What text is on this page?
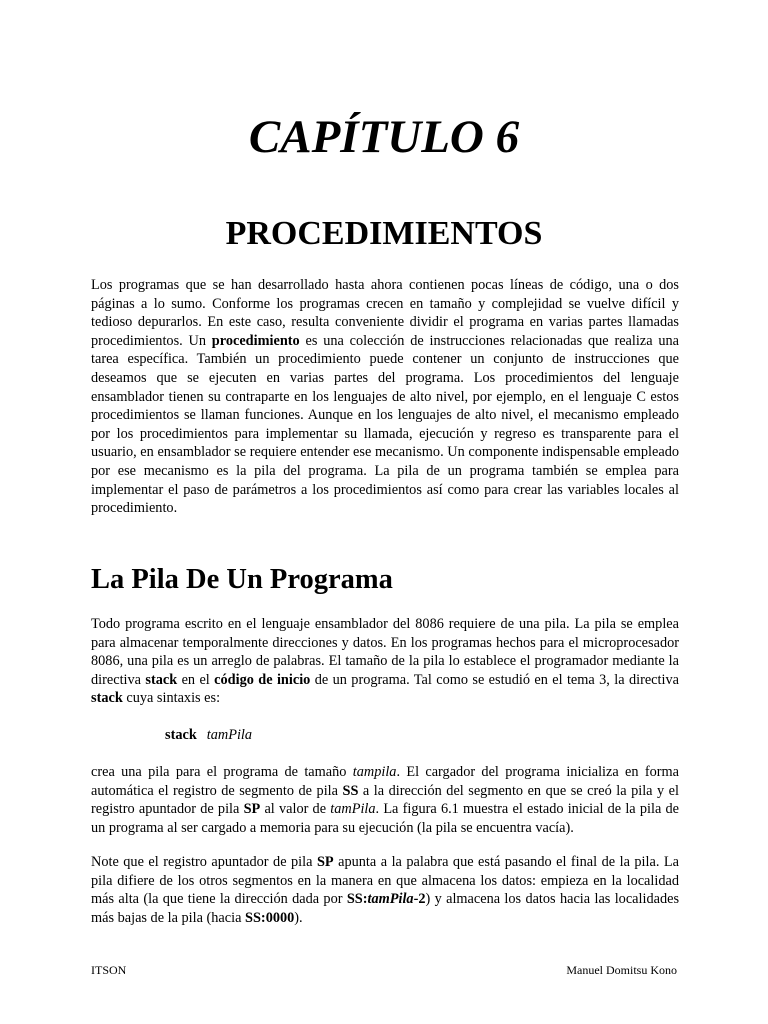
CAPÍTULO 6
PROCEDIMIENTOS

Los programas que se han desarrollado hasta ahora contienen pocas líneas de código, una o dos páginas a lo sumo. Conforme los programas crecen en tamaño y complejidad se vuelve difícil y tedioso depurarlos. En este caso, resulta conveniente dividir el programa en varias partes llamadas procedimientos. Un procedimiento es una colección de instrucciones relacionadas que realiza una tarea específica. También un procedimiento puede contener un conjunto de instrucciones que deseamos que se ejecuten en varias partes del programa. Los procedimientos del lenguaje ensamblador tienen su contraparte en los lenguajes de alto nivel, por ejemplo, en el lenguaje C estos procedimientos se llaman funciones. Aunque en los lenguajes de alto nivel, el mecanismo empleado por los procedimientos para implementar su llamada, ejecución y regreso es transparente para el usuario, en ensamblador se requiere entender ese mecanismo. Un componente indispensable empleado por ese mecanismo es la pila del programa. La pila de un programa también se emplea para implementar el paso de parámetros a los procedimientos así como para crear las variables locales al procedimiento.

La Pila De Un Programa

Todo programa escrito en el lenguaje ensamblador del 8086 requiere de una pila. La pila se emplea para almacenar temporalmente direcciones y datos. En los programas hechos para el microprocesador 8086, una pila es un arreglo de palabras. El tamaño de la pila lo establece el programador mediante la directiva stack en el código de inicio de un programa. Tal como se estudió en el tema 3, la directiva stack cuya sintaxis es:

stack tamPila

crea una pila para el programa de tamaño tampila. El cargador del programa inicializa en forma automática el registro de segmento de pila SS a la dirección del segmento en que se creó la pila y el registro apuntador de pila SP al valor de tamPila. La figura 6.1 muestra el estado inicial de la pila de un programa al ser cargado a memoria para su ejecución (la pila se encuentra vacía).

Note que el registro apuntador de pila SP apunta a la palabra que está pasando el final de la pila. La pila difiere de los otros segmentos en la manera en que almacena los datos: empieza en la localidad más alta (la que tiene la dirección dada por SS:tamPila-2) y almacena los datos hacia las localidades más bajas de la pila (hacia SS:0000).

ITSON	Manuel Domitsu Kono
